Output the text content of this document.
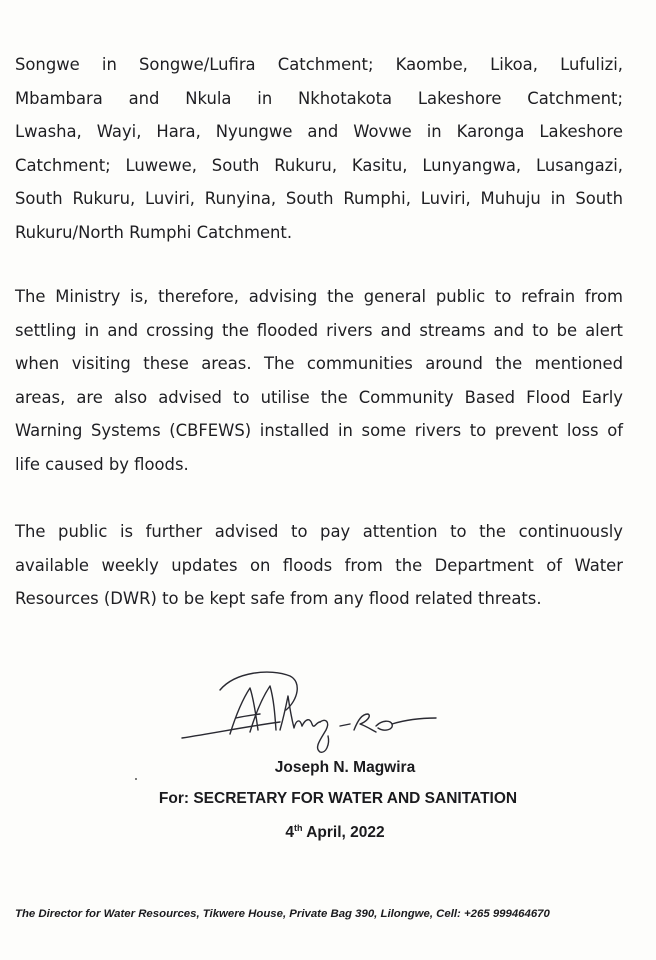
Songwe in Songwe/Lufira Catchment; Kaombe, Likoa, Lufulizi,
Mbambara and Nkula in Nkhotakota Lakeshore Catchment;
Lwasha, Wayi, Hara, Nyungwe and Wovwe in Karonga Lakeshore
Catchment; Luwewe, South Rukuru, Kasitu, Lunyangwa, Lusangazi,
South Rukuru, Luviri, Runyina, South Rumphi, Luviri, Muhuju in South
Rukuru/North Rumphi Catchment.
The Ministry is, therefore, advising the general public to refrain from
settling in and crossing the flooded rivers and streams and to be alert
when visiting these areas. The communities around the mentioned
areas, are also advised to utilise the Community Based Flood Early
Warning Systems (CBFEWS) installed in some rivers to prevent loss of
life caused by floods.
The public is further advised to pay attention to the continuously
available weekly updates on floods from the Department of Water
Resources (DWR) to be kept safe from any flood related threats.
Joseph N. Magwira
For: SECRETARY FOR WATER AND SANITATION
4th April, 2022
The Director for Water Resources, Tikwere House, Private Bag 390, Lilongwe, Cell: +265 999464670
